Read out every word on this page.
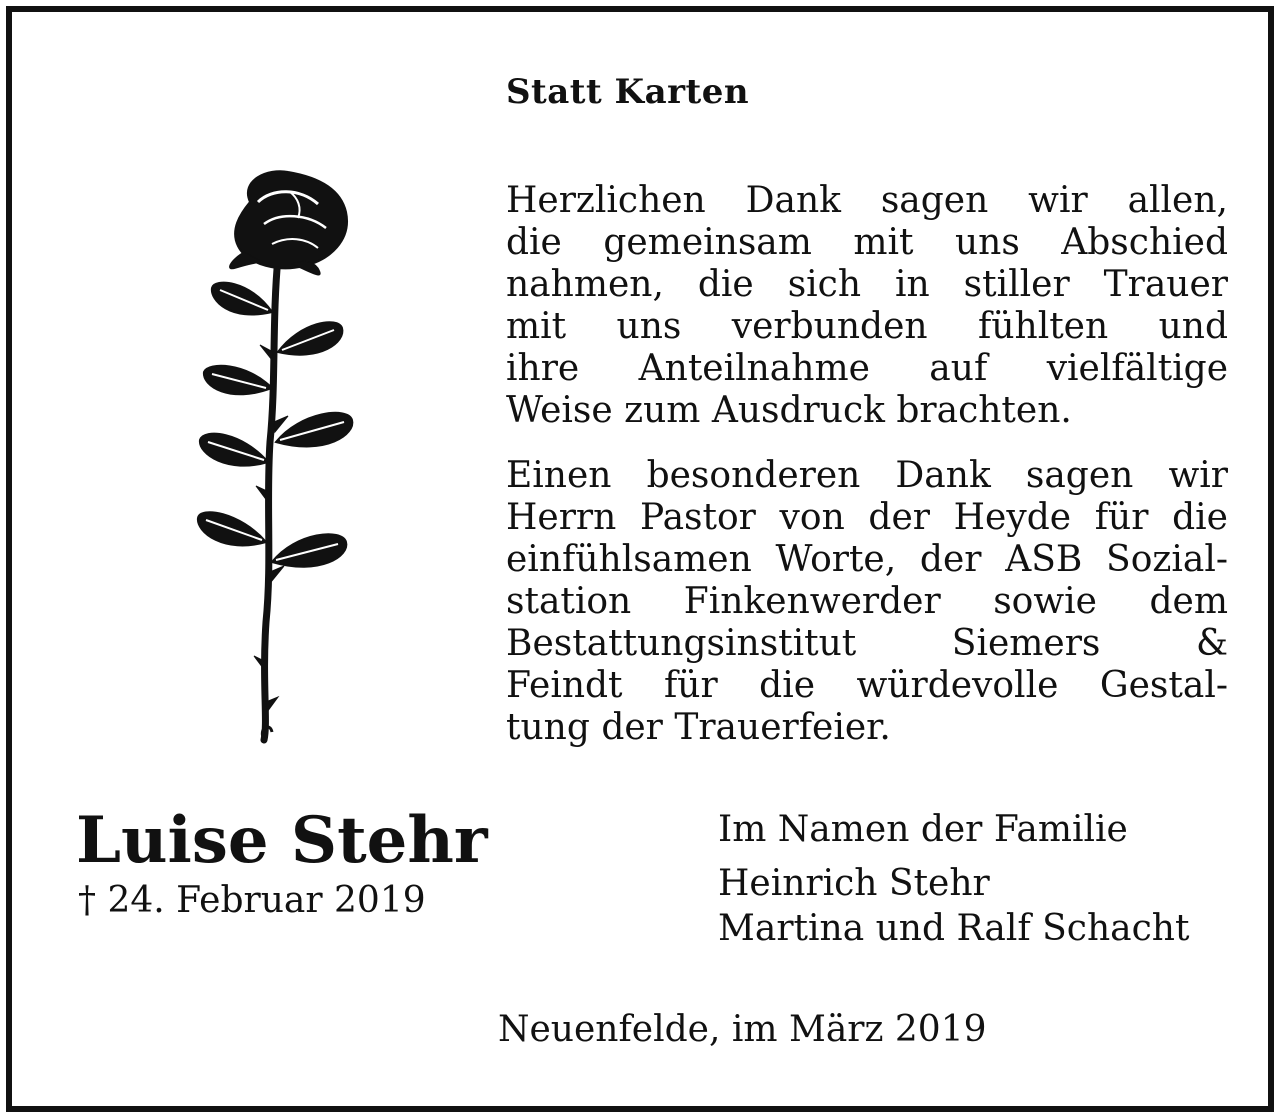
Statt Karten
Herzlichen Dank sagen wir allen,
die gemeinsam mit uns Abschied
nahmen, die sich in stiller Trauer
mit uns verbunden fühlten und
ihre Anteilnahme auf vielfältige
Weise zum Ausdruck brachten.
Einen besonderen Dank sagen wir
Herrn Pastor von der Heyde für die
einfühlsamen Worte, der ASB Sozial-
station Finkenwerder sowie dem
Bestattungsinstitut Siemers &
Feindt für die würdevolle Gestal-
tung der Trauerfeier.
Luise Stehr
† 24. Februar 2019
Im Namen der Familie
Heinrich Stehr
Martina und Ralf Schacht
Neuenfelde, im März 2019
